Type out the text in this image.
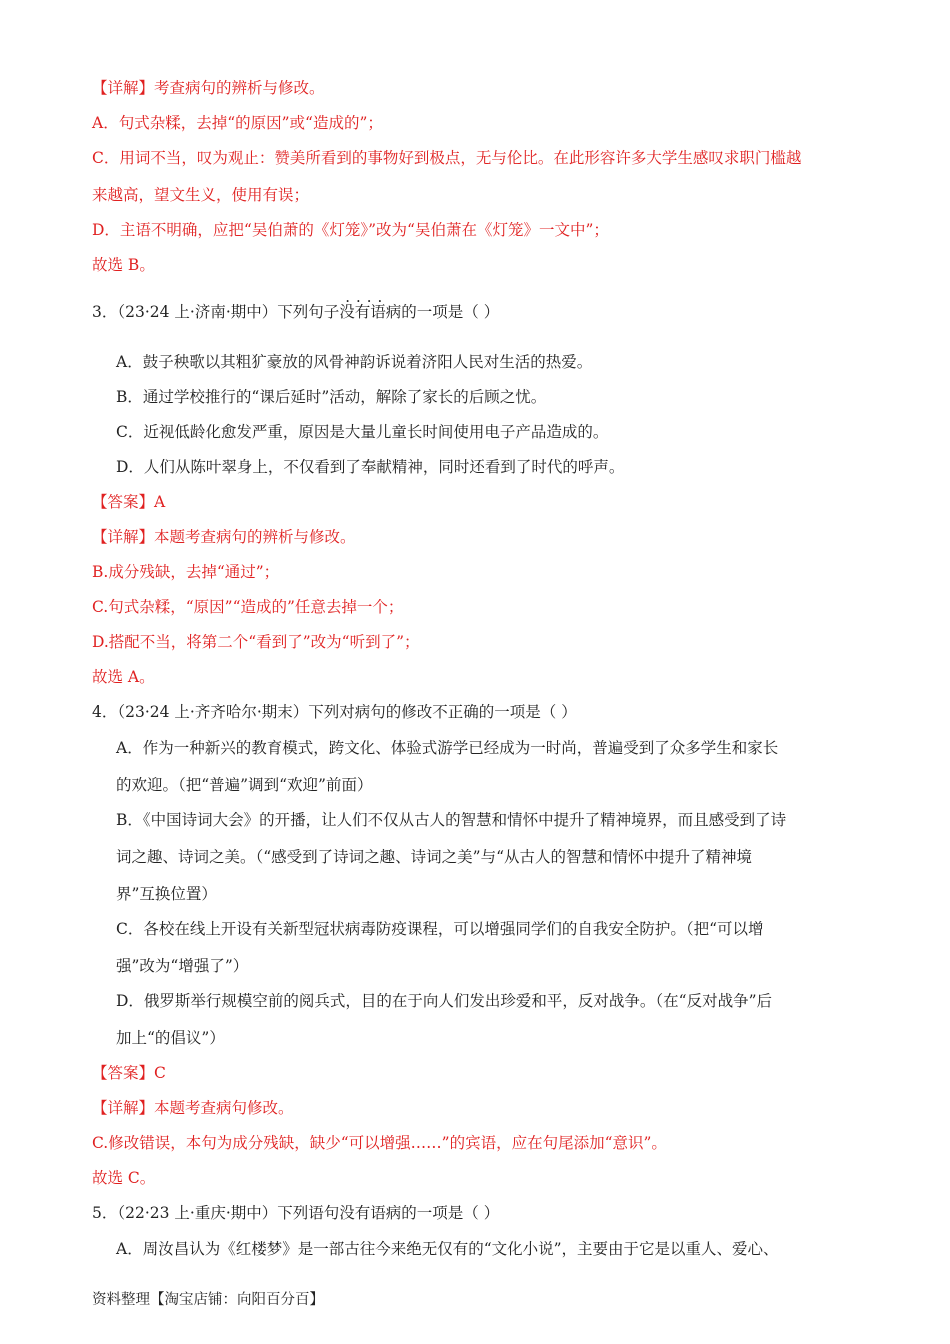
【详解】考查病句的辨析与修改。
A．句式杂糅，去掉“的原因”或“造成的”；
C．用词不当，叹为观止：赞美所看到的事物好到极点，无与伦比。在此形容许多大学生感叹求职门槛越
来越高，望文生义，使用有误；
D．主语不明确，应把“吴伯萧的《灯笼》”改为“吴伯萧在《灯笼》一文中”；
故选 B。
3．（23·24 上·济南·期中）下列句子· · 没有语病的一项是（ ）
A．鼓子秧歌以其粗犷豪放的风骨神韵诉说着济阳人民对生活的热爱。
B．通过学校推行的“课后延时”活动，解除了家长的后顾之忧。
C．近视低龄化愈发严重，原因是大量儿童长时间使用电子产品造成的。
D．人们从陈叶翠身上，不仅看到了奉献精神，同时还看到了时代的呼声。
【答案】A
【详解】本题考查病句的辨析与修改。
B.成分残缺，去掉“通过”；
C.句式杂糅，“原因”“造成的”任意去掉一个；
D.搭配不当，将第二个“看到了”改为“听到了”；
故选 A。
4．（23·24 上·齐齐哈尔·期末）下列对病句的修改不正确的一项是（ ）
A．作为一种新兴的教育模式，跨文化、体验式游学已经成为一时尚，普遍受到了众多学生和家长
的欢迎。（把“普遍”调到“欢迎”前面）
B．《中国诗词大会》的开播，让人们不仅从古人的智慧和情怀中提升了精神境界，而且感受到了诗
词之趣、诗词之美。（“感受到了诗词之趣、诗词之美”与“从古人的智慧和情怀中提升了精神境
界”互换位置）
C．各校在线上开设有关新型冠状病毒防疫课程，可以增强同学们的自我安全防护。（把“可以增
强”改为“增强了”）
D．俄罗斯举行规模空前的阅兵式，目的在于向人们发出珍爱和平，反对战争。（在“反对战争”后
加上“的倡议”）
【答案】C
【详解】本题考查病句修改。
C.修改错误，本句为成分残缺，缺少“可以增强……”的宾语，应在句尾添加“意识”。
故选 C。
5．（22·23 上·重庆·期中）下列语句没有语病的一项是（ ）
A．周汝昌认为《红楼梦》是一部古往今来绝无仅有的“文化小说”，主要由于它是以重人、爱心、
资料整理【淘宝店铺：向阳百分百】
